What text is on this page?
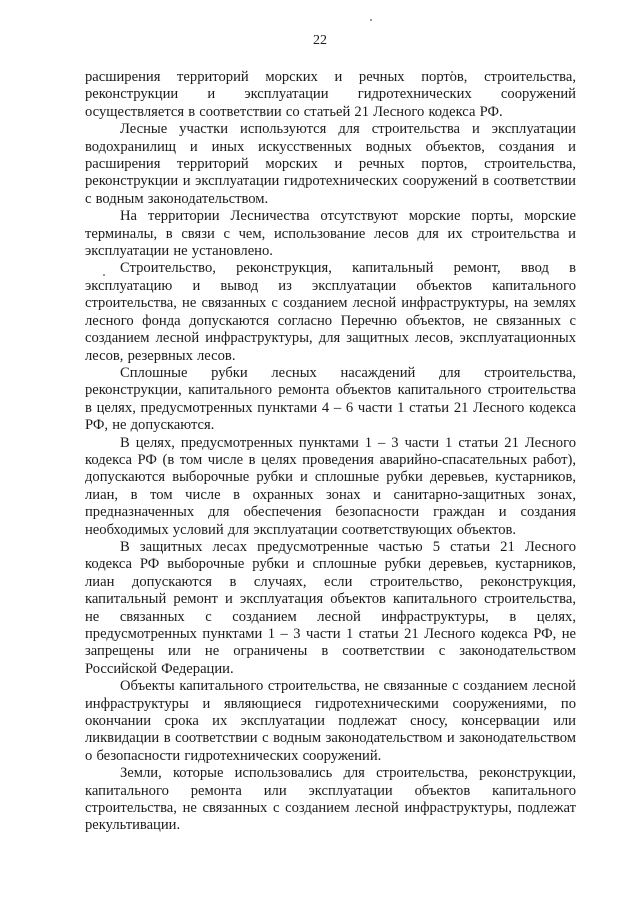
22

расширения территорий морских и речных портов, строительства, реконструкции и эксплуатации гидротехнических сооружений осуществляется в соответствии со статьей 21 Лесного кодекса РФ.

Лесные участки используются для строительства и эксплуатации водохранилищ и иных искусственных водных объектов, создания и расширения территорий морских и речных портов, строительства, реконструкции и эксплуатации гидротехнических сооружений в соответствии с водным законодательством.

На территории Лесничества отсутствуют морские порты, морские терминалы, в связи с чем, использование лесов для их строительства и эксплуатации не установлено.

Строительство, реконструкция, капитальный ремонт, ввод в эксплуатацию и вывод из эксплуатации объектов капитального строительства, не связанных с созданием лесной инфраструктуры, на землях лесного фонда допускаются согласно Перечню объектов, не связанных с созданием лесной инфраструктуры, для защитных лесов, эксплуатационных лесов, резервных лесов.

Сплошные рубки лесных насаждений для строительства, реконструкции, капитального ремонта объектов капитального строительства в целях, предусмотренных пунктами 4 – 6 части 1 статьи 21 Лесного кодекса РФ, не допускаются.

В целях, предусмотренных пунктами 1 – 3 части 1 статьи 21 Лесного кодекса РФ (в том числе в целях проведения аварийно-спасательных работ), допускаются выборочные рубки и сплошные рубки деревьев, кустарников, лиан, в том числе в охранных зонах и санитарно-защитных зонах, предназначенных для обеспечения безопасности граждан и создания необходимых условий для эксплуатации соответствующих объектов.

В защитных лесах предусмотренные частью 5 статьи 21 Лесного кодекса РФ выборочные рубки и сплошные рубки деревьев, кустарников, лиан допускаются в случаях, если строительство, реконструкция, капитальный ремонт и эксплуатация объектов капитального строительства, не связанных с созданием лесной инфраструктуры, в целях, предусмотренных пунктами 1 – 3 части 1 статьи 21 Лесного кодекса РФ, не запрещены или не ограничены в соответствии с законодательством Российской Федерации.

Объекты капитального строительства, не связанные с созданием лесной инфраструктуры и являющиеся гидротехническими сооружениями, по окончании срока их эксплуатации подлежат сносу, консервации или ликвидации в соответствии с водным законодательством и законодательством о безопасности гидротехнических сооружений.

Земли, которые использовались для строительства, реконструкции, капитального ремонта или эксплуатации объектов капитального строительства, не связанных с созданием лесной инфраструктуры, подлежат рекультивации.
